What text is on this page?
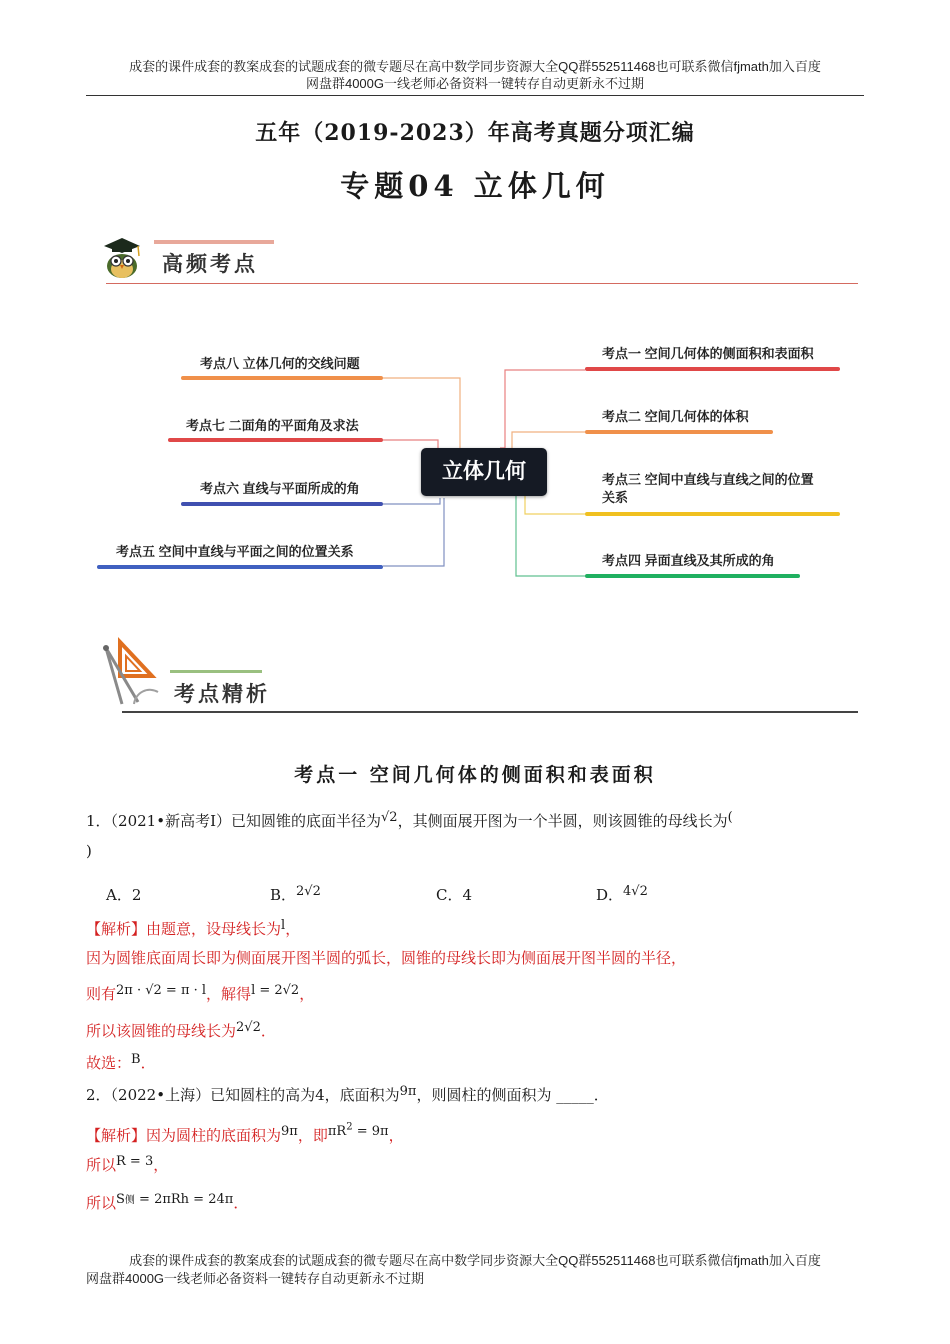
成套的课件成套的教案成套的试题成套的微专题尽在高中数学同步资源大全QQ群552511468也可联系微信fjmath加入百度
网盘群4000G一线老师必备资料一键转存自动更新永不过期
五年（2019-2023）年高考真题分项汇编
专题04 立体几何
高频考点
立体几何
考点一 空间几何体的侧面积和表面积
考点二 空间几何体的体积
考点三 空间中直线与直线之间的位置
关系
考点四 异面直线及其所成的角
考点八 立体几何的交线问题
考点七 二面角的平面角及求法
考点六 直线与平面所成的角
考点五 空间中直线与平面之间的位置关系
考点精析
考点一 空间几何体的侧面积和表面积
1．（2021•新高考Ⅰ）已知圆锥的底面半径为√2，其侧面展开图为一个半圆，则该圆锥的母线长为(
)
A．2	B．2√2	C．4	D．4√2
【解析】由题意，设母线长为l，
因为圆锥底面周长即为侧面展开图半圆的弧长，圆锥的母线长即为侧面展开图半圆的半径，
则有2π · √2 = π · l，解得l = 2√2，
所以该圆锥的母线长为2√2．
故选：B．
2．（2022•上海）已知圆柱的高为4，底面积为9π，则圆柱的侧面积为 _____．
【解析】因为圆柱的底面积为9π，即$\pi R^2 = 9\pi$，
所以R = 3，
所以S侧 = 2πRh = 24π．
成套的课件成套的教案成套的试题成套的微专题尽在高中数学同步资源大全QQ群552511468也可联系微信fjmath加入百度
网盘群4000G一线老师必备资料一键转存自动更新永不过期
